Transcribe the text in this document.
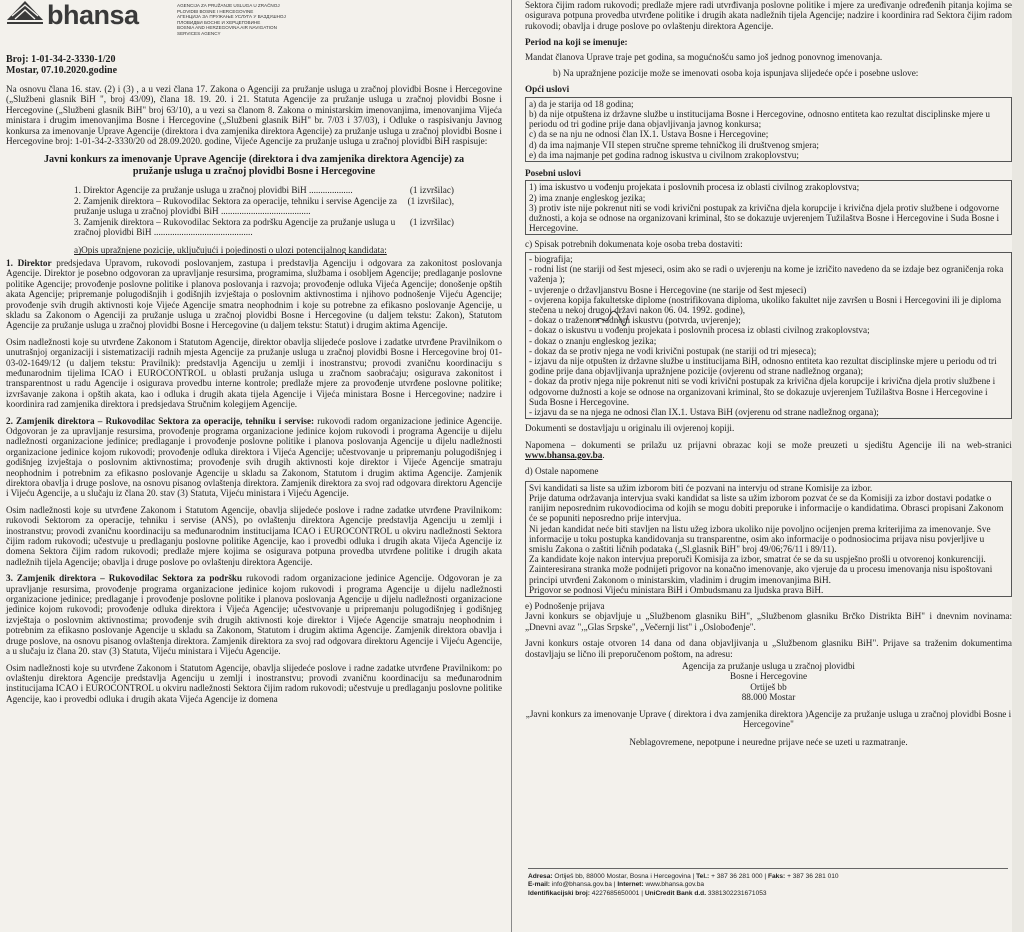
bhansa	AGENCIJA ZA PRUŽANJE USLUGA U ZRAČNOJ
PLOVIDBI BOSNE I HERCEGOVINE
АГЕНЦИЈА ЗА ПРУЖАЊЕ УСЛУГА У ВАЗДУШНОЈ
ПЛОВИДБИ БОСНЕ И ХЕРЦЕГОВИНЕ
BOSNIA AND HERZEGOVINA AIR NAVIGATION
SERVICES AGENCY
Broj: 1-01-34-2-3330-1/20
Mostar, 07.10.2020.godine

Na osnovu člana 16. stav. (2) i (3) , a u vezi člana 17. Zakona o Agenciji za pružanje usluga u zračnoj plovidbi Bosne i Hercegovine („Službeni glasnik BiH ", broj 43/09), člana 18. 19. 20. i 21. Statuta Agencije za pružanje usluga u zračnoj plovidbi Bosne i Hercegovine („Službeni glasnik BiH" broj 63/10), a u vezi sa članom 8. Zakona o ministarskim imenovanjima, imenovanjima Vijeća ministara i drugim imenovanjima Bosne i Hercegovine („Službeni glasnik BiH" br. 7/03 i 37/03), i Odluke o raspisivanju Javnog konkursa za imenovanje Uprave Agencije (direktora i dva zamjenika direktora Agencije) za pružanje usluga u zračnoj plovidbi Bosne i Hercegovine broj: 1-01-34-2-3330/20 od 28.09.2020. godine, Vijeće Agencije za pružanje usluga u zračnoj plovidbi BiH raspisuje:

Javni konkurs za imenovanje Uprave Agencije (direktora i dva zamjenika direktora Agencije) za pružanje usluga u zračnoj plovidbi Bosne i Hercegovine
1. Direktor Agencije za pružanje usluga u zračnoj plovidbi BiH ...................	(1 izvršilac)
2. Zamjenik direktora – Rukovodilac Sektora za operacije, tehniku i servise Agencije za pružanje usluga u zračnoj plovidbi BiH .......................................
(1 izvršilac),
3. Zamjenik direktora – Rukovodilac Sektora za podršku Agencije za pružanje usluga u zračnoj plovidbi BiH ...........................................
(1 izvršilac)
a)Opis upražnjene pozicije, uključujući i pojedinosti o ulozi potencijalnog kandidata:

1. Direktor predsjedava Upravom, rukovodi poslovanjem, zastupa i predstavlja Agenciju i odgovara za zakonitost poslovanja Agencije. Direktor je posebno odgovoran za upravljanje resursima, programima, službama i osobljem Agencije; predlaganje poslovne politike Agencije; provođenje poslovne politike i planova poslovanja i razvoja; provođenje odluka Vijeća Agencije; donošenje opštih akata Agencije; pripremanje polugodišnjih i godišnjih izvještaja o poslovnim aktivnostima i njihovo podnošenje Vijeću Agencije; provođenje svih drugih aktivnosti koje Vijeće Agencije smatra neophodnim i koje su potrebne za efikasno poslovanje Agencije, u skladu sa Zakonom o Agenciji za pružanje usluga u zračnoj plovidbi Bosne i Hercegovine (u daljem tekstu: Zakon), Statutom Agencije za pružanje usluga u zračnoj plovidbi Bosne i Hercegovine (u daljem tekstu: Statut) i drugim aktima Agencije.

Osim nadležnosti koje su utvrđene Zakonom i Statutom Agencije, direktor obavlja slijedeće poslove i zadatke utvrđene Pravilnikom o unutrašnjoj organizaciji i sistematizaciji radnih mjesta Agencije za pružanje usluga u zračnoj plovidbi Bosne i Hercegovine broj 01-03-02-1649/12 (u daljem tekstu: Pravilnik): predstavlja Agenciju u zemlji i inostranstvu; provodi zvaničnu koordinaciju s međunarodnim tijelima ICAO i EUROCONTROL u oblasti pružanja usluga u zračnom saobraćaju; osigurava zakonitost i transparentnost u radu Agencije i osigurava provedbu interne kontrole; predlaže mjere za provođenje utvrđene poslovne politike; izvršavanje zakona i opštih akata, kao i odluka i drugih akata tijela Agencije i Vijeća ministara Bosne i Hercegovine; nadzire i koordinira rad zamjenika direktora i predsjedava Stručnim kolegijem Agencije.

2. Zamjenik direktora – Rukovodilac Sektora za operacije, tehniku i servise: rukovodi radom organizacione jedinice Agencije. Odgovoran je za upravljanje resursima, provođenje programa organizacione jedinice kojom rukovodi i programa Agencije u dijelu nadležnosti organizacione jedinice; predlaganje i provođenje poslovne politike i planova poslovanja Agencije u dijelu nadležnosti organizacione jedinice kojom rukovodi; provođenje odluka direktora i Vijeća Agencije; učestvovanje u pripremanju polugodišnjeg i godišnjeg izvještaja o poslovnim aktivnostima; provođenje svih drugih aktivnosti koje direktor i Vijeće Agencije smatraju neophodnim i potrebnim za efikasno poslovanje Agencije u skladu sa Zakonom, Statutom i drugim aktima Agencije. Zamjenik direktora obavlja i druge poslove, na osnovu pisanog ovlaštenja direktora. Zamjenik direktora za svoj rad odgovara direktoru Agencije i Vijeću Agencije, a u slučaju iz člana 20. stav (3) Statuta, Vijeću ministara i Vijeću Agencije.

Osim nadležnosti koje su utvrđene Zakonom i Statutom Agencije, obavlja slijedeće poslove i radne zadatke utvrđene Pravilnikom: rukovodi Sektorom za operacije, tehniku i servise (ANS), po ovlaštenju direktora Agencije predstavlja Agenciju u zemlji i inostranstvu; provodi zvaničnu koordinaciju sa međunarodnim institucijama ICAO i EUROCONTROL u okviru nadležnosti Sektora čijim radom rukovodi; učestvuje u predlaganju poslovne politike Agencije, kao i provedbi odluka i drugih akata Vijeća Agencije iz domena Sektora čijim radom rukovodi; predlaže mjere kojima se osigurava potpuna provedba utvrđene politike i drugih akata nadležnih tijela Agencije; obavlja i druge poslove po ovlaštenju direktora Agencije.

3. Zamjenik direktora – Rukovodilac Sektora za podršku rukovodi radom organizacione jedinice Agencije. Odgovoran je za upravljanje resursima, provođenje programa organizacione jedinice kojom rukovodi i programa Agencije u dijelu nadležnosti organizacione jedinice; predlaganje i provođenje poslovne politike i planova poslovanja Agencije u dijelu nadležnosti organizacione jedinice kojom rukovodi; provođenje odluka direktora i Vijeća Agencije; učestvovanje u pripremanju polugodišnjeg i godišnjeg izvještaja o poslovnim aktivnostima; provođenje svih drugih aktivnosti koje direktor i Vijeće Agencije smatraju neophodnim i potrebnim za efikasno poslovanje Agencije u skladu sa Zakonom, Statutom i drugim aktima Agencije. Zamjenik direktora obavlja i druge poslove, na osnovu pisanog ovlaštenja direktora. Zamjenik direktora za svoj rad odgovara direktoru Agencije i Vijeću Agencije, a u slučaju iz člana 20. stav (3) Statuta, Vijeću ministara i Vijeću Agencije.

Osim nadležnosti koje su utvrđene Zakonom i Statutom Agencije, obavlja slijedeće poslove i radne zadatke utvrđene Pravilnikom: po ovlaštenju direktora Agencije predstavlja Agenciju u zemlji i inostranstvu; provodi zvaničnu koordinaciju sa međunarodnim institucijama ICAO i EUROCONTROL u okviru nadležnosti Sektora čijim radom rukovodi; učestvuje u predlaganju poslovne politike Agencije, kao i provedbi odluka i drugih akata Vijeća Agencije iz domena

Sektora čijim radom rukovodi; predlaže mjere radi utvrđivanja poslovne politike i mjere za uređivanje određenih pitanja kojima se osigurava potpuna provedba utvrđene politike i drugih akata nadležnih tijela Agencije; nadzire i koordinira rad Sektora čijim radom rukovodi; obavlja i druge poslove po ovlaštenju direktora Agencije.

Period na koji se imenuje:

Mandat članova Uprave traje pet godina, sa mogućnošću samo još jednog ponovnog imenovanja.

b) Na upražnjene pozicije može se imenovati osoba koja ispunjava slijedeće opće i posebne uslove:

Opći uslovi
a) da je starija od 18 godina;
b) da nije otpuštena iz državne službe u institucijama Bosne i Hercegovine, odnosno entiteta kao rezultat disciplinske mjere u periodu od tri godine prije dana objavljivanja javnog konkursa;
c) da se na nju ne odnosi član IX.1. Ustava Bosne i Hercegovine;
d) da ima najmanje VII stepen stručne spreme tehničkog ili društvenog smjera;
e) da ima najmanje pet godina radnog iskustva u civilnom zrakoplovstvu;
Posebni uslovi
1) ima iskustvo u vođenju projekata i poslovnih procesa iz oblasti civilnog zrakoplovstva;
2) ima znanje engleskog jezika;
3) protiv iste nije pokrenut niti se vodi krivični postupak za krivična djela korupcije i krivična djela protiv službene i odgovorne dužnosti, a koja se odnose na organizovani kriminal, što se dokazuje uvjerenjem Tužilaštva Bosne i Hercegovine i Suda Bosne i Hercegovine.
c) Spisak potrebnih dokumenata koje osoba treba dostaviti:
- biografija;
- rodni list (ne stariji od šest mjeseci, osim ako se radi o uvjerenju na kome je izričito navedeno da se izdaje bez ograničenja roka važenja );
- uvjerenje o državljanstvu Bosne i Hercegovine (ne starije od šest mjeseci)
- ovjerena kopija fakultetske diplome (nostrifikovana diploma, ukoliko fakultet nije završen u Bosni i Hercegovini ili je diploma stečena u nekoj drugoj državi nakon 06. 04. 1992. godine),
- dokaz o traženom radnom iskustvu (potvrda, uvjerenje);
- dokaz o iskustvu u vođenju projekata i poslovnih procesa iz oblasti civilnog zrakoplovstva;
- dokaz o znanju engleskog jezika;
- dokaz da se protiv njega ne vodi krivični postupak (ne stariji od tri mjeseca);
- izjavu da nije otpušten iz državne službe u institucijama BiH, odnosno entiteta kao rezultat disciplinske mjere u periodu od tri godine prije dana objavljivanja upražnjene pozicije (ovjerenu od strane nadležnog organa);
- dokaz da protiv njega nije pokrenut niti se vodi krivični postupak za krivična djela korupcije i krivična djela protiv službene i odgovorne dužnosti a koje se odnose na organizovani kriminal, što se dokazuje uvjerenjem Tužilaštva Bosne i Hercegovine i Suda Bosne i Hercegovine.
- izjavu da se na njega ne odnosi član IX.1. Ustava BiH (ovjerenu od strane nadležnog organa);

Dokumenti se dostavljaju u originalu ili ovjerenoj kopiji.

Napomena – dokumenti se prilažu uz prijavni obrazac koji se može preuzeti u sjedištu Agencije ili na web-stranici www.bhansa.gov.ba.

d) Ostale napomene
Svi kandidati sa liste sa užim izborom biti će pozvani na intervju od strane Komisije za izbor.
Prije datuma održavanja intervjua svaki kandidat sa liste sa užim izborom pozvat će se da Komisiji za izbor dostavi podatke o ranijim neposrednim rukovodiocima od kojih se mogu dobiti preporuke i informacije o kandidatima. Obrasci propisani Zakonom će se popuniti neposredno prije intervjua.
Ni jedan kandidat neće biti stavljen na listu užeg izbora ukoliko nije povoljno ocijenjen prema kriterijima za imenovanje. Sve informacije u toku postupka kandidovanja su transparentne, osim ako informacije o podnosiocima prijava nisu povjerljive u smislu Zakona o zaštiti ličnih podataka („Sl.glasnik BiH" broj 49/06;76/11 i 89/11).
Za kandidate koje nakon intervjua preporuči Komisija za izbor, smatrat će se da su uspješno prošli u otvorenoj konkurenciji.
Zainteresirana stranka može podnijeti prigovor na konačno imenovanje, ako vjeruje da u procesu imenovanja nisu ispoštovani principi utvrđeni Zakonom o ministarskim, vladinim i drugim imenovanjima BiH.
Prigovor se podnosi Vijeću ministara BiH i Ombudsmanu za ljudska prava BiH.
e) Podnošenje prijava

Javni konkurs se objavljuje u „Službenom glasniku BiH", „Službenom glasniku Brčko Distrikta BiH" i dnevnim novinama: „Dnevni avaz ",„Glas Srpske", „Večernji list" i „Oslobođenje".

Javni konkurs ostaje otvoren 14 dana od dana objavljivanja u „Službenom glasniku BiH". Prijave sa traženim dokumentima dostavljaju se lično ili preporučenom poštom, na adresu:

Agencija za pružanje usluga u zračnoj plovidbi
Bosne i Hercegovine
Ortiješ bb
88.000 Mostar

„Javni konkurs za imenovanje Uprave ( direktora i dva zamjenika direktora )Agencije za pružanje usluga u zračnoj plovidbi Bosne i Hercegovine"

Neblagovremene, nepotpune i neuredne prijave neće se uzeti u razmatranje.

Adresa: Ortiješ bb, 88000 Mostar, Bosna i Hercegovina | Tel.: + 387 36 281 000 | Faks: + 387 36 281 010
E-mail: info@bhansa.gov.ba | Internet: www.bhansa.gov.ba
Identifikacijski broj: 4227685650001 | UniCredit Bank d.d. 3381302231671053
